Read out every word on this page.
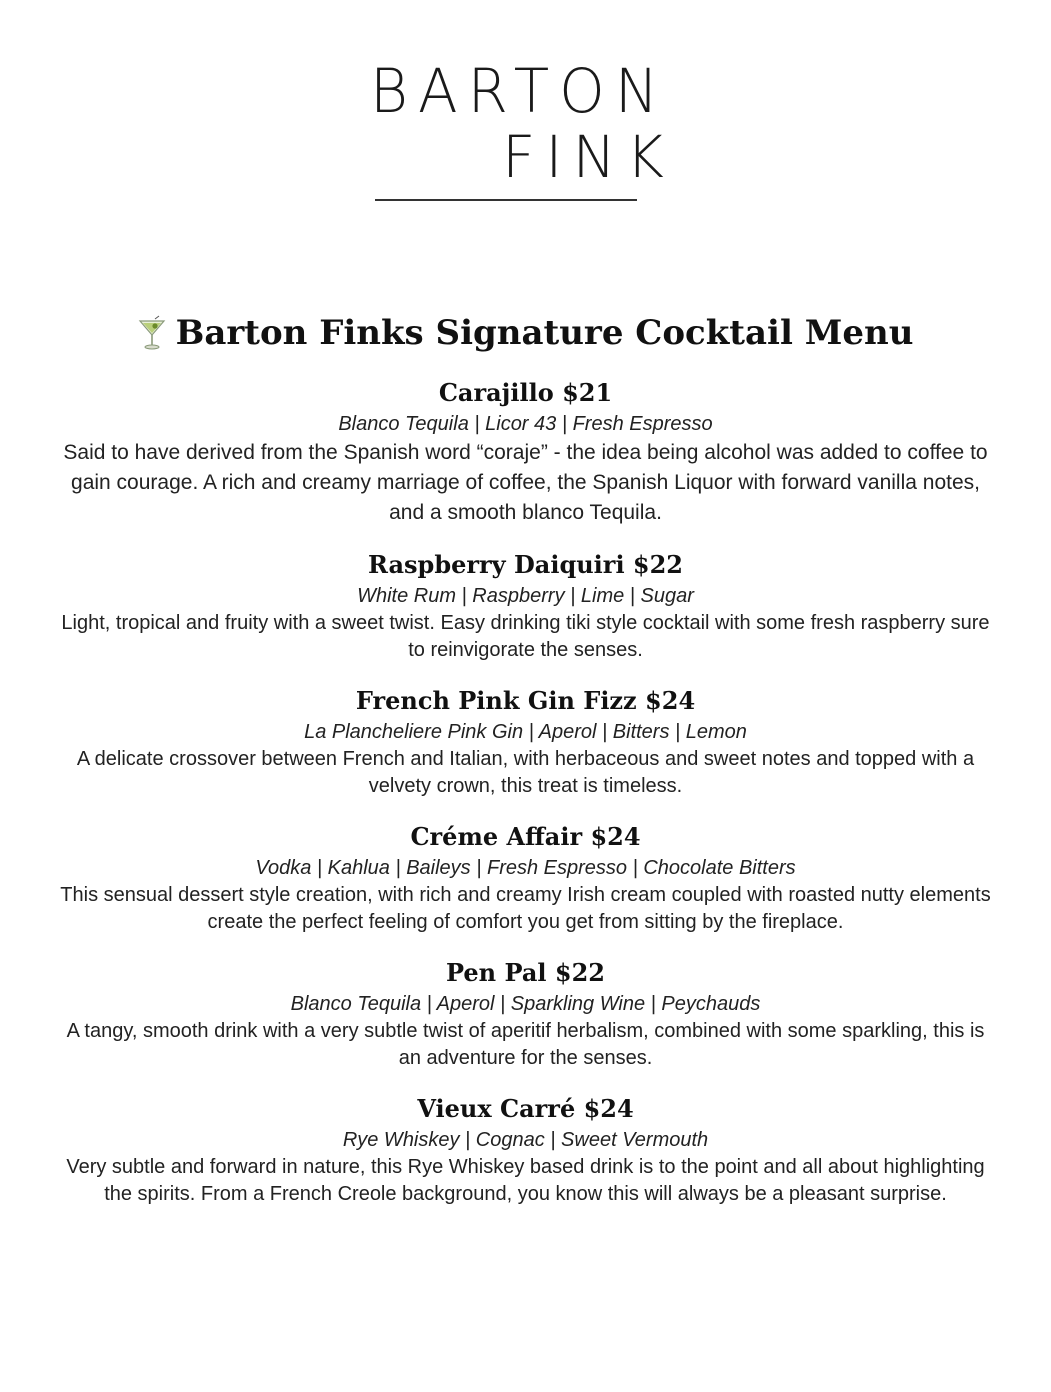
BARTON
FINK
Barton Finks Signature Cocktail Menu
Carajillo $21
Blanco Tequila | Licor 43 | Fresh Espresso
Said to have derived from the Spanish word “coraje” - the idea being alcohol was added to coffee to gain courage. A rich and creamy marriage of coffee, the Spanish Liquor with forward vanilla notes, and a smooth blanco Tequila.
Raspberry Daiquiri $22
White Rum | Raspberry | Lime | Sugar
Light, tropical and fruity with a sweet twist. Easy drinking tiki style cocktail with some fresh raspberry sure to reinvigorate the senses.
French Pink Gin Fizz $24
La Plancheliere Pink Gin | Aperol | Bitters | Lemon
A delicate crossover between French and Italian, with herbaceous and sweet notes and topped with a velvety crown, this treat is timeless.
Créme Affair $24
Vodka | Kahlua | Baileys | Fresh Espresso | Chocolate Bitters
This sensual dessert style creation, with rich and creamy Irish cream coupled with roasted nutty elements create the perfect feeling of comfort you get from sitting by the fireplace.
Pen Pal $22
Blanco Tequila | Aperol | Sparkling Wine | Peychauds
A tangy, smooth drink with a very subtle twist of aperitif herbalism, combined with some sparkling, this is an adventure for the senses.
Vieux Carré $24
Rye Whiskey | Cognac | Sweet Vermouth
Very subtle and forward in nature, this Rye Whiskey based drink is to the point and all about highlighting the spirits. From a French Creole background, you know this will always be a pleasant surprise.
